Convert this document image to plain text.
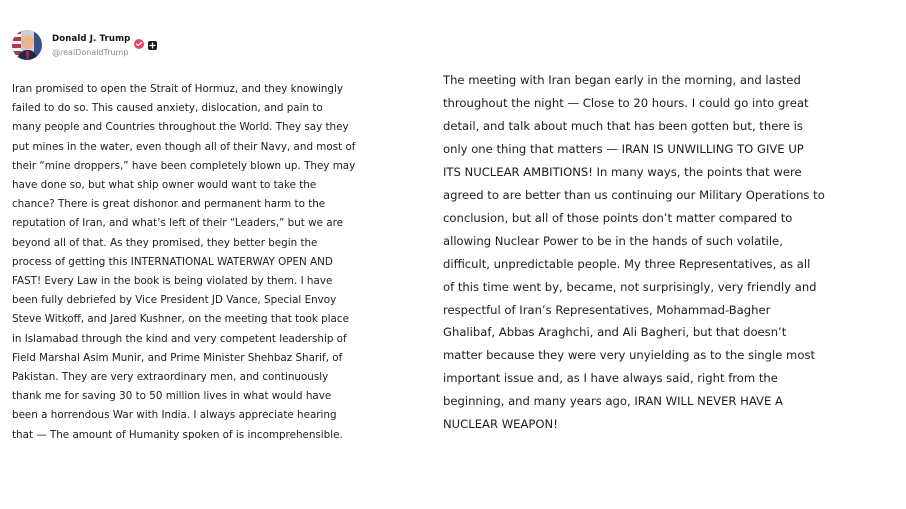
Donald J. Trump
@realDonaldTrump

Iran promised to open the Strait of Hormuz, and they knowingly
failed to do so. This caused anxiety, dislocation, and pain to
many people and Countries throughout the World. They say they
put mines in the water, even though all of their Navy, and most of
their “mine droppers,” have been completely blown up. They may
have done so, but what ship owner would want to take the
chance? There is great dishonor and permanent harm to the
reputation of Iran, and what’s left of their “Leaders,” but we are
beyond all of that. As they promised, they better begin the
process of getting this INTERNATIONAL WATERWAY OPEN AND
FAST! Every Law in the book is being violated by them. I have
been fully debriefed by Vice President JD Vance, Special Envoy
Steve Witkoff, and Jared Kushner, on the meeting that took place
in Islamabad through the kind and very competent leadership of
Field Marshal Asim Munir, and Prime Minister Shehbaz Sharif, of
Pakistan. They are very extraordinary men, and continuously
thank me for saving 30 to 50 million lives in what would have
been a horrendous War with India. I always appreciate hearing
that — The amount of Humanity spoken of is incomprehensible.

The meeting with Iran began early in the morning, and lasted
throughout the night — Close to 20 hours. I could go into great
detail, and talk about much that has been gotten but, there is
only one thing that matters — IRAN IS UNWILLING TO GIVE UP
ITS NUCLEAR AMBITIONS! In many ways, the points that were
agreed to are better than us continuing our Military Operations to
conclusion, but all of those points don’t matter compared to
allowing Nuclear Power to be in the hands of such volatile,
difficult, unpredictable people. My three Representatives, as all
of this time went by, became, not surprisingly, very friendly and
respectful of Iran’s Representatives, Mohammad-Bagher
Ghalibaf, Abbas Araghchi, and Ali Bagheri, but that doesn’t
matter because they were very unyielding as to the single most
important issue and, as I have always said, right from the
beginning, and many years ago, IRAN WILL NEVER HAVE A
NUCLEAR WEAPON!
